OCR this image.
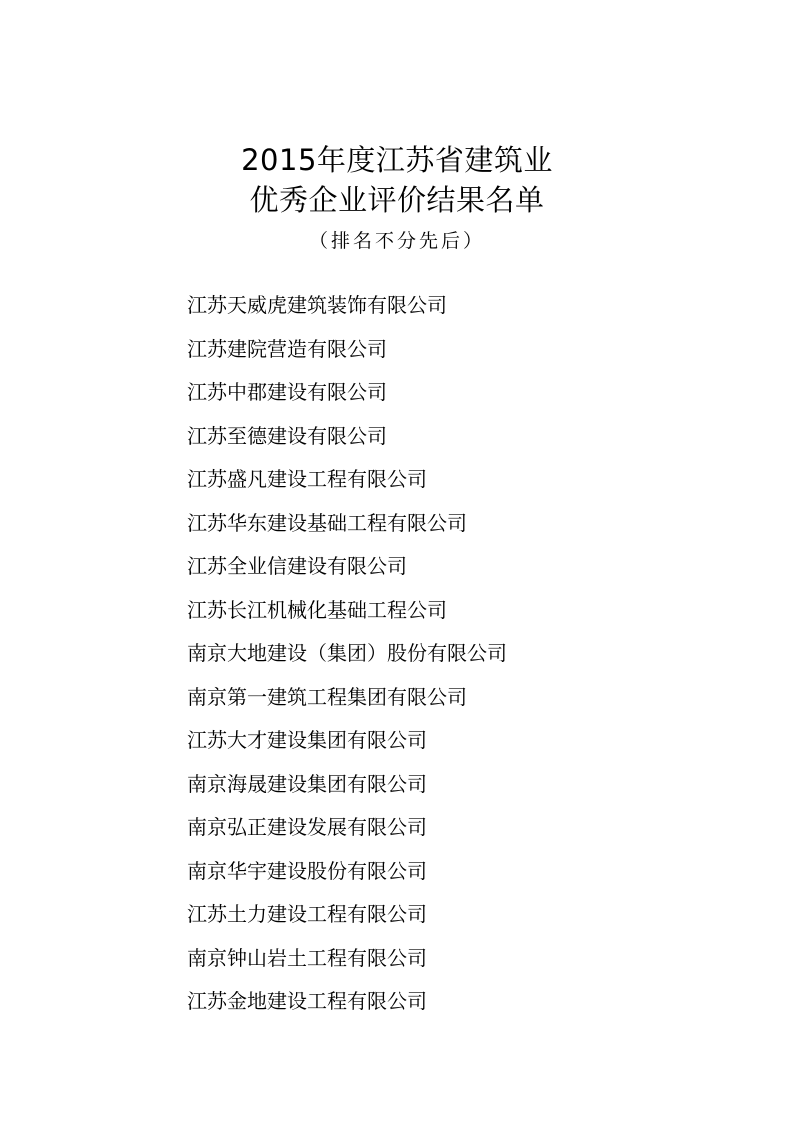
2015年度江苏省建筑业
优秀企业评价结果名单
（排名不分先后）
江苏天威虎建筑装饰有限公司
江苏建院营造有限公司
江苏中郡建设有限公司
江苏至德建设有限公司
江苏盛凡建设工程有限公司
江苏华东建设基础工程有限公司
江苏全业信建设有限公司
江苏长江机械化基础工程公司
南京大地建设（集团）股份有限公司
南京第一建筑工程集团有限公司
江苏大才建设集团有限公司
南京海晟建设集团有限公司
南京弘正建设发展有限公司
南京华宇建设股份有限公司
江苏土力建设工程有限公司
南京钟山岩土工程有限公司
江苏金地建设工程有限公司
